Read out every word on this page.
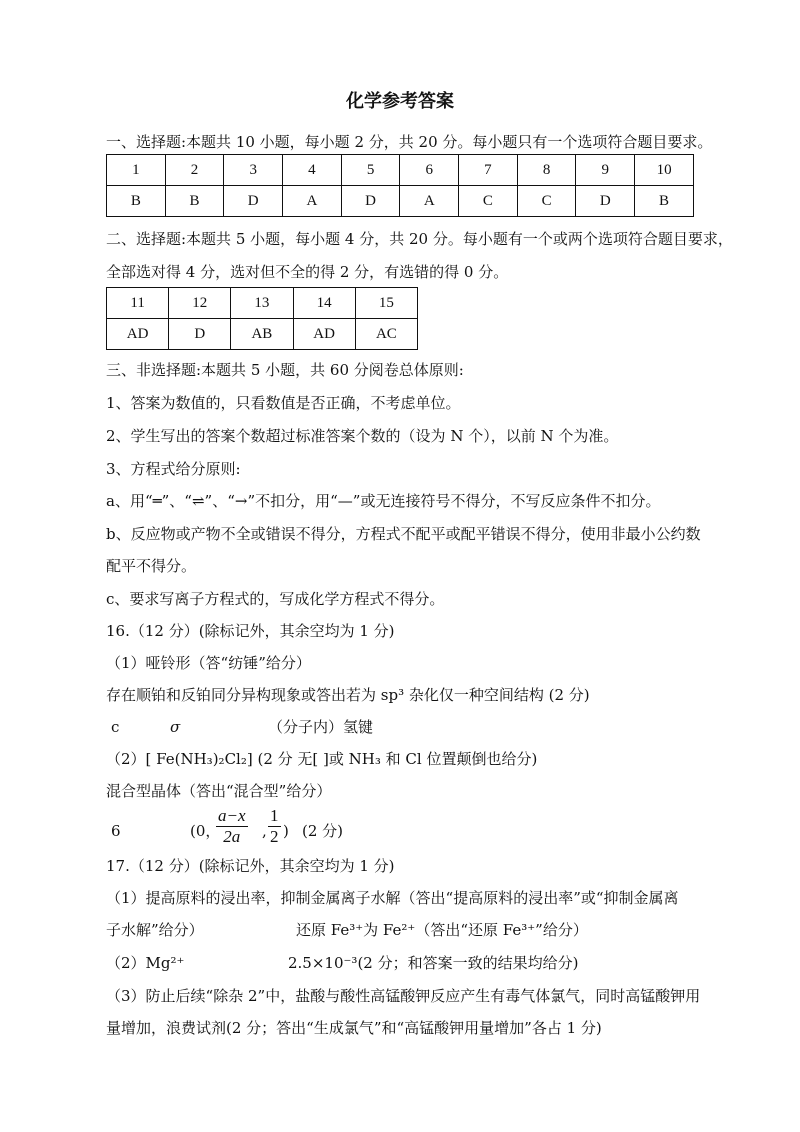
化学参考答案
一、选择题:本题共 10 小题，每小题 2 分，共 20 分。每小题只有一个选项符合题目要求。
1	2	3	4	5	6	7	8	9	10
B	B	D	A	D	A	C	C	D	B
二、选择题:本题共 5 小题，每小题 4 分，共 20 分。每小题有一个或两个选项符合题目要求，
全部选对得 4 分，选对但不全的得 2 分，有选错的得 0 分。
11	12	13	14	15
AD	D	AB	AD	AC
三、非选择题:本题共 5 小题，共 60 分阅卷总体原则:
1、答案为数值的，只看数值是否正确，不考虑单位。
2、学生写出的答案个数超过标准答案个数的（设为 N 个），以前 N 个为准。
3、方程式给分原则:
a、用“═”、“⇌”、“→”不扣分，用“—”或无连接符号不得分，不写反应条件不扣分。
b、反应物或产物不全或错误不得分，方程式不配平或配平错误不得分，使用非最小公约数
配平不得分。
c、要求写离子方程式的，写成化学方程式不得分。
16.（12 分）(除标记外，其余空均为 1 分)
（1）哑铃形（答“纺锤”给分）
存在顺铂和反铂同分异构现象或答出若为 sp³ 杂化仅一种空间结构 (2 分)
c	σ	（分子内）氢键
（2）[ Fe(NH₃)₂Cl₂] (2 分 无[ ]或 NH₃ 和 Cl 位置颠倒也给分)
混合型晶体（答出“混合型”给分）
6	(0，
$\frac{a-x}{2a}$ , $\frac{1}{2}$ ) (2 分)
17.（12 分）(除标记外，其余空均为 1 分)
（1）提高原料的浸出率，抑制金属离子水解（答出“提高原料的浸出率”或“抑制金属离
子水解”给分）	还原 Fe³⁺为 Fe²⁺（答出“还原 Fe³⁺”给分）
（2）Mg²⁺	2.5×10⁻³(2 分；和答案一致的结果均给分)
（3）防止后续“除杂 2”中，盐酸与酸性高锰酸钾反应产生有毒气体氯气，同时高锰酸钾用
量增加，浪费试剂(2 分；答出“生成氯气”和“高锰酸钾用量增加”各占 1 分)
